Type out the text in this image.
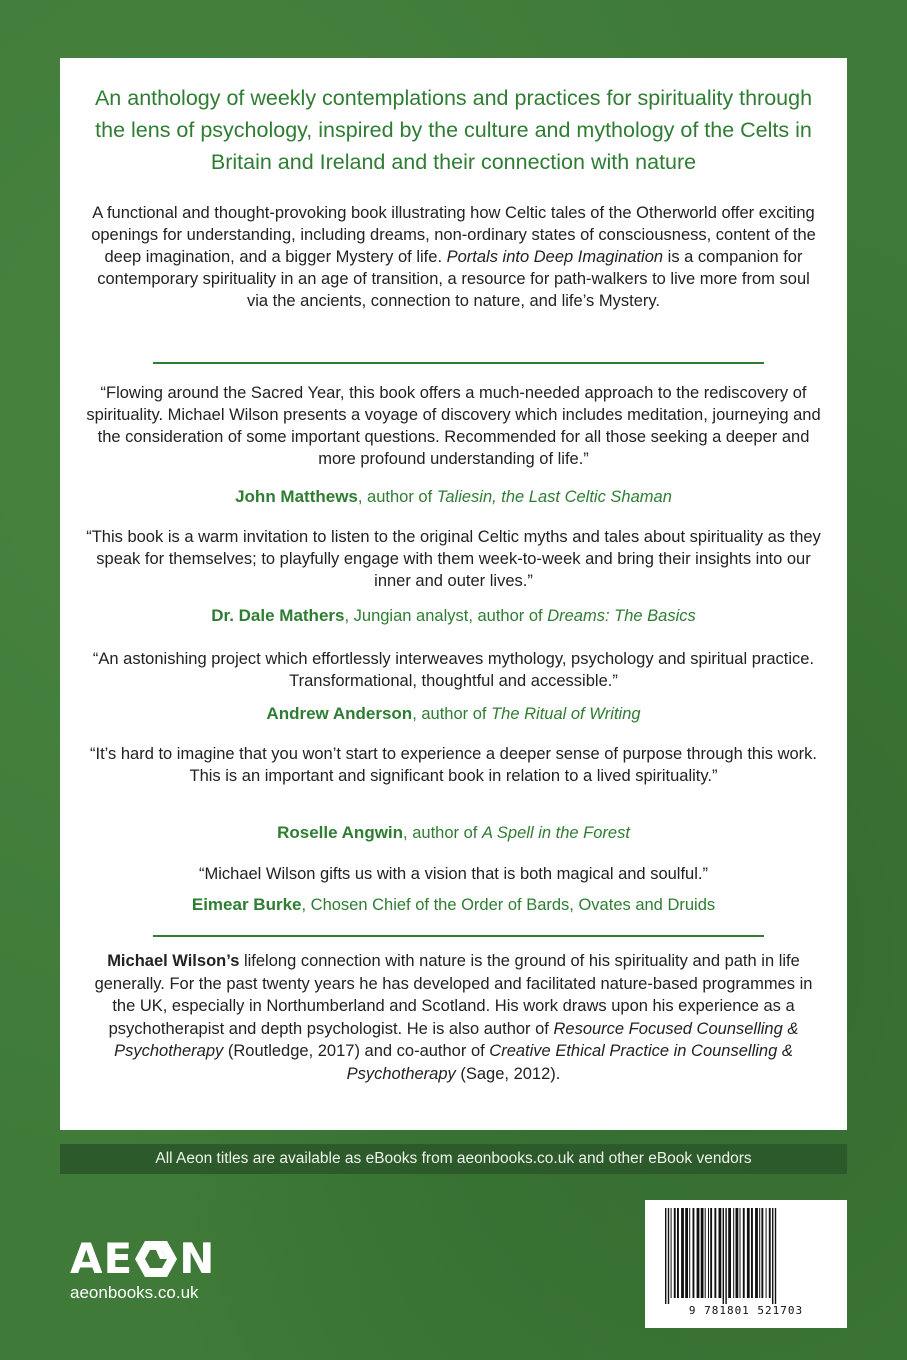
An anthology of weekly contemplations and practices for spirituality through the lens of psychology, inspired by the culture and mythology of the Celts in Britain and Ireland and their connection with nature
A functional and thought-provoking book illustrating how Celtic tales of the Otherworld offer exciting openings for understanding, including dreams, non-ordinary states of consciousness, content of the deep imagination, and a bigger Mystery of life. Portals into Deep Imagination is a companion for contemporary spirituality in an age of transition, a resource for path-walkers to live more from soul via the ancients, connection to nature, and life’s Mystery.
“Flowing around the Sacred Year, this book offers a much-needed approach to the rediscovery of spirituality. Michael Wilson presents a voyage of discovery which includes meditation, journeying and the consideration of some important questions. Recommended for all those seeking a deeper and more profound understanding of life.”
John Matthews, author of Taliesin, the Last Celtic Shaman
“This book is a warm invitation to listen to the original Celtic myths and tales about spirituality as they speak for themselves; to playfully engage with them week-to-week and bring their insights into our inner and outer lives.”
Dr. Dale Mathers, Jungian analyst, author of Dreams: The Basics
“An astonishing project which effortlessly interweaves mythology, psychology and spiritual practice. Transformational, thoughtful and accessible.”
Andrew Anderson, author of The Ritual of Writing
“It’s hard to imagine that you won’t start to experience a deeper sense of purpose through this work. This is an important and significant book in relation to a lived spirituality.”
Roselle Angwin, author of A Spell in the Forest
“Michael Wilson gifts us with a vision that is both magical and soulful.”
Eimear Burke, Chosen Chief of the Order of Bards, Ovates and Druids
Michael Wilson’s lifelong connection with nature is the ground of his spirituality and path in life generally. For the past twenty years he has developed and facilitated nature-based programmes in the UK, especially in Northumberland and Scotland. His work draws upon his experience as a psychotherapist and depth psychologist. He is also author of Resource Focused Counselling & Psychotherapy (Routledge, 2017) and co-author of Creative Ethical Practice in Counselling & Psychotherapy (Sage, 2012).
All Aeon titles are available as eBooks from aeonbooks.co.uk and other eBook vendors
AE N
aeonbooks.co.uk
9 781801 521703
